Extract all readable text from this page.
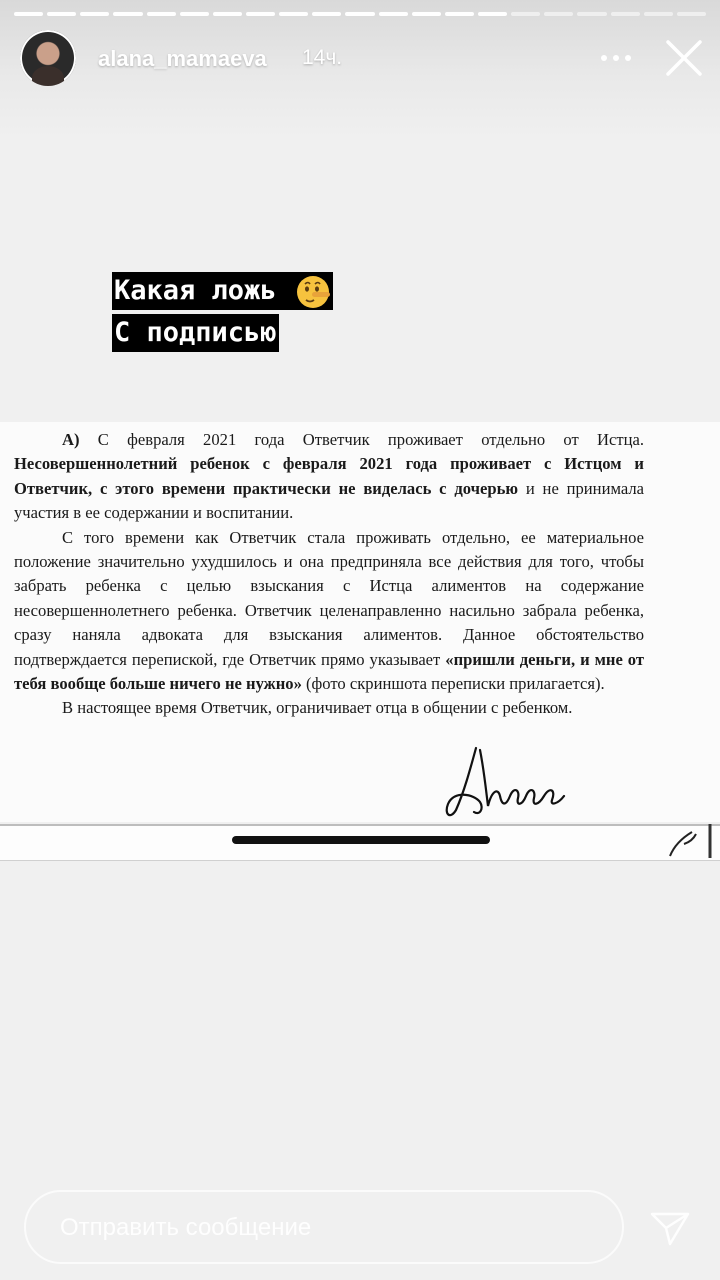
alana_mamaeva 14ч.
Какая ложь
С подписью

А) С февраля 2021 года Ответчик проживает отдельно от Истца. Несовершеннолетний ребенок с февраля 2021 года проживает с Истцом и Ответчик, с этого времени практически не виделась с дочерью и не принимала участия в ее содержании и воспитании.

С того времени как Ответчик стала проживать отдельно, ее материальное положение значительно ухудшилось и она предприняла все действия для того, чтобы забрать ребенка с целью взыскания с Истца алиментов на содержание несовершеннолетнего ребенка. Ответчик целенаправленно насильно забрала ребенка, сразу наняла адвоката для взыскания алиментов. Данное обстоятельство подтверждается перепиской, где Ответчик прямо указывает «пришли деньги, и мне от тебя вообще больше ничего не нужно» (фото скриншота переписки прилагается).

В настоящее время Ответчик, ограничивает отца в общении с ребенком.

Отправить сообщение
